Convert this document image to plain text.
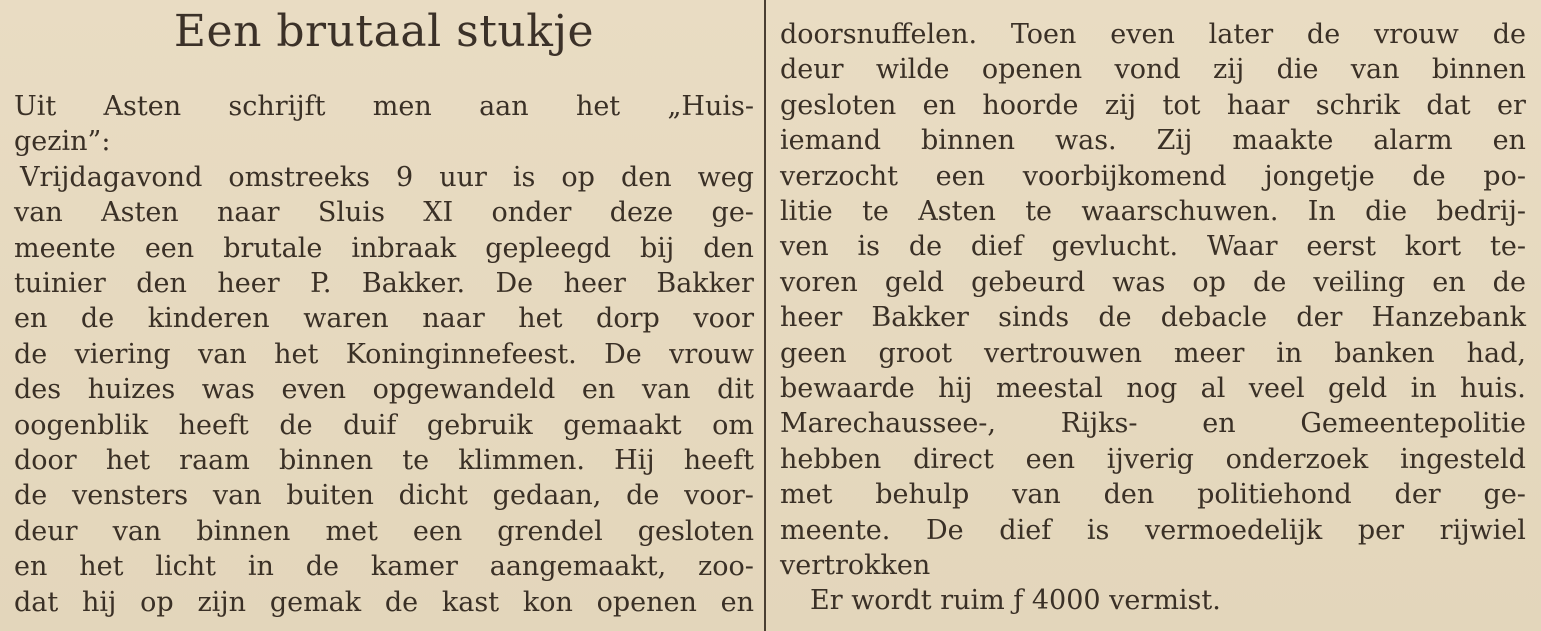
Een brutaal stukje
Uit Asten schrijft men aan het „Huis-
gezin”:
Vrijdagavond omstreeks 9 uur is op den weg
van Asten naar Sluis XI onder deze ge-
meente een brutale inbraak gepleegd bij den
tuinier den heer P. Bakker. De heer Bakker
en de kinderen waren naar het dorp voor
de viering van het Koninginnefeest. De vrouw
des huizes was even opgewandeld en van dit
oogenblik heeft de duif gebruik gemaakt om
door het raam binnen te klimmen. Hij heeft
de vensters van buiten dicht gedaan, de voor-
deur van binnen met een grendel gesloten
en het licht in de kamer aangemaakt, zoo-
dat hij op zijn gemak de kast kon openen en
doorsnuffelen. Toen even later de vrouw de
deur wilde openen vond zij die van binnen
gesloten en hoorde zij tot haar schrik dat er
iemand binnen was. Zij maakte alarm en
verzocht een voorbijkomend jongetje de po-
litie te Asten te waarschuwen. In die bedrij-
ven is de dief gevlucht. Waar eerst kort te-
voren geld gebeurd was op de veiling en de
heer Bakker sinds de debacle der Hanzebank
geen groot vertrouwen meer in banken had,
bewaarde hij meestal nog al veel geld in huis.
Marechaussee-, Rijks- en Gemeentepolitie
hebben direct een ijverig onderzoek ingesteld
met behulp van den politiehond der ge-
meente. De dief is vermoedelijk per rijwiel
vertrokken
Er wordt ruim ƒ 4000 vermist.
